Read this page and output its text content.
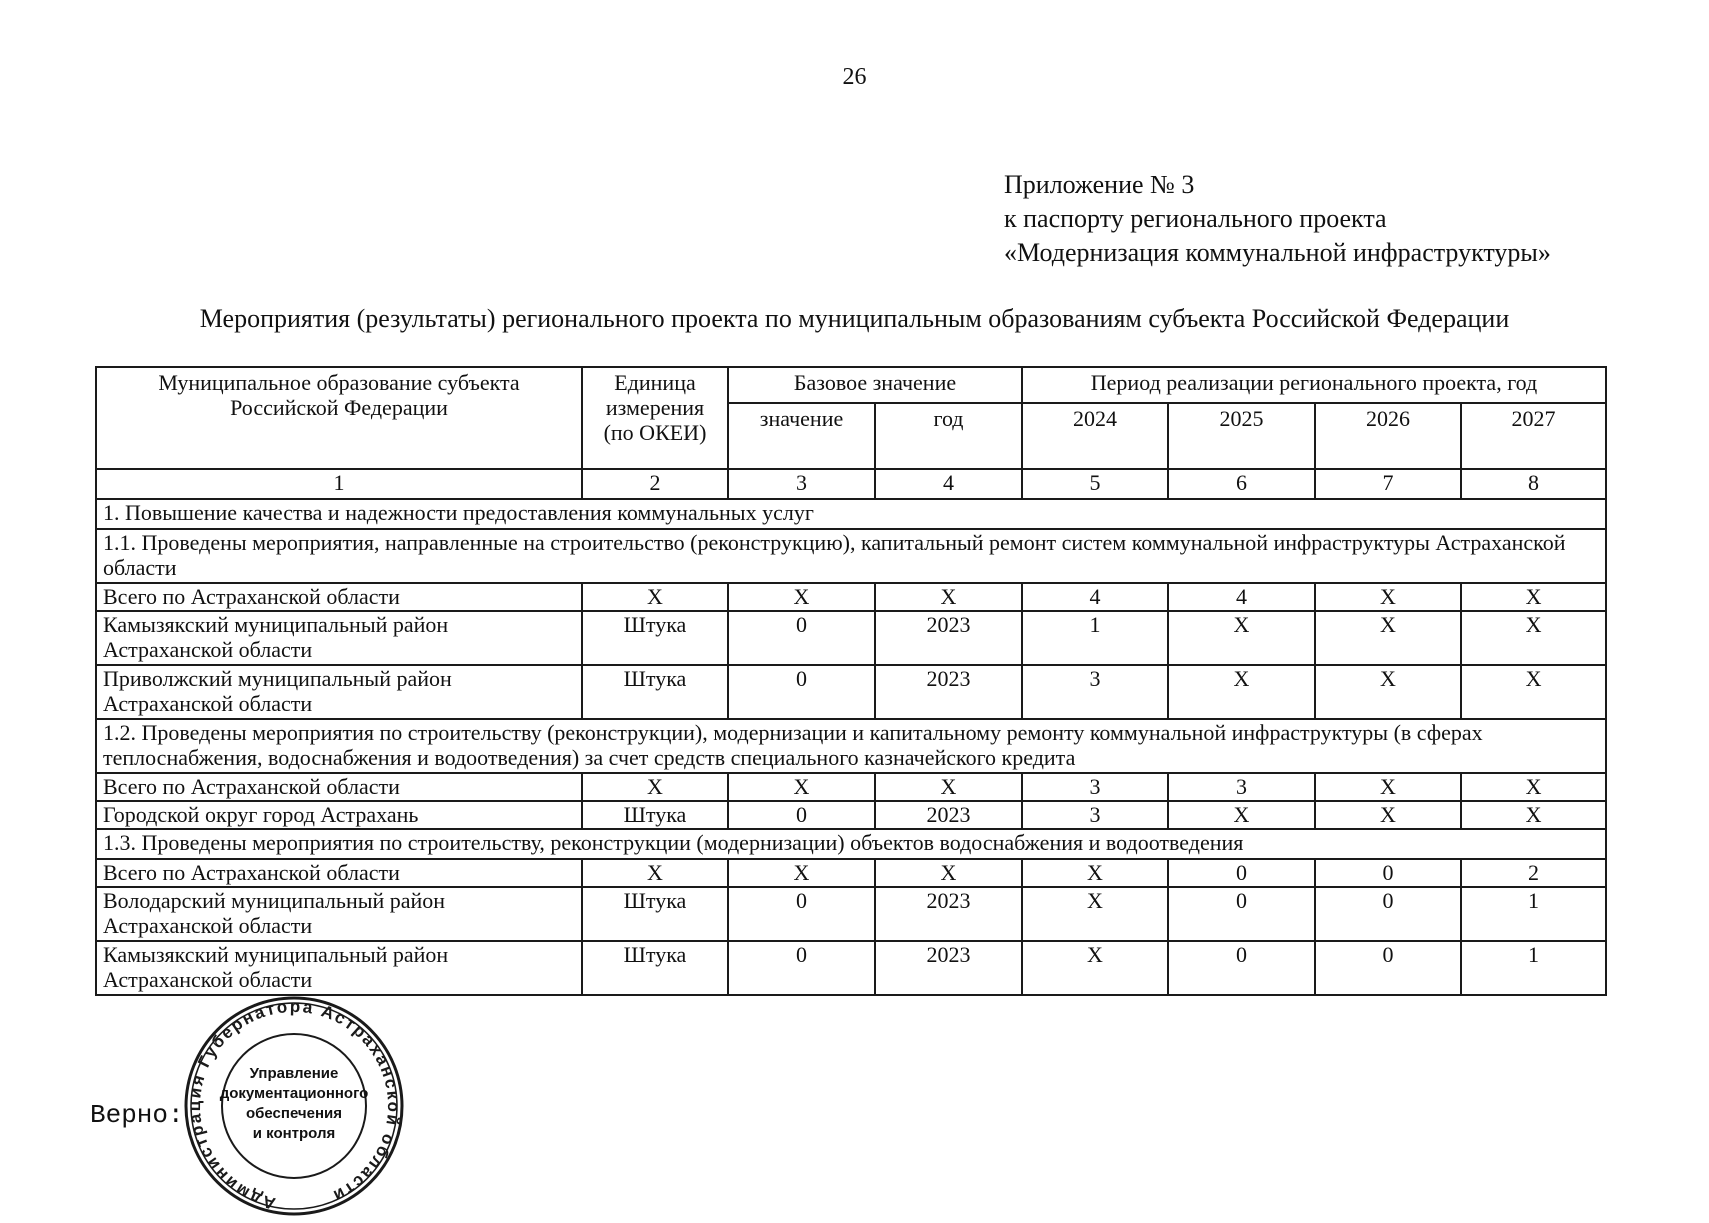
26
Приложение № 3
к паспорту регионального проекта
«Модернизация коммунальной инфраструктуры»
Мероприятия (результаты) регионального проекта по муниципальным образованиям субъекта Российской Федерации
Муниципальное образование субъекта Российской Федерации	Единица измерения (по ОКЕИ)	Базовое значение		Период реализации регионального проекта, год			
		значение	год	2024	2025	2026	2027
1	2	3	4	5	6	7	8
1. Повышение качества и надежности предоставления коммунальных услуг							
1.1. Проведены мероприятия, направленные на строительство (реконструкцию), капитальный ремонт систем коммунальной инфраструктуры Астраханской области							
Всего по Астраханской области	X	X	X	4	4	X	X
Камызякский муниципальный район Астраханской области	Штука	0	2023	1	X	X	X
Приволжский муниципальный район Астраханской области	Штука	0	2023	3	X	X	X
1.2. Проведены мероприятия по строительству (реконструкции), модернизации и капитальному ремонту коммунальной инфраструктуры (в сферах теплоснабжения, водоснабжения и водоотведения) за счет средств специального казначейского кредита							
Всего по Астраханской области	X	X	X	3	3	X	X
Городской округ город Астрахань	Штука	0	2023	3	X	X	X
1.3. Проведены мероприятия по строительству, реконструкции (модернизации) объектов водоснабжения и водоотведения							
Всего по Астраханской области	X	X	X	X	0	0	2
Володарский муниципальный район Астраханской области	Штука	0	2023	X	0	0	1
Камызякский муниципальный район Астраханской области	Штука	0	2023	X	0	0	1
Верно:
Администрация Губернатора Астраханской области
Управление
документационного
обеспечения
и контроля
